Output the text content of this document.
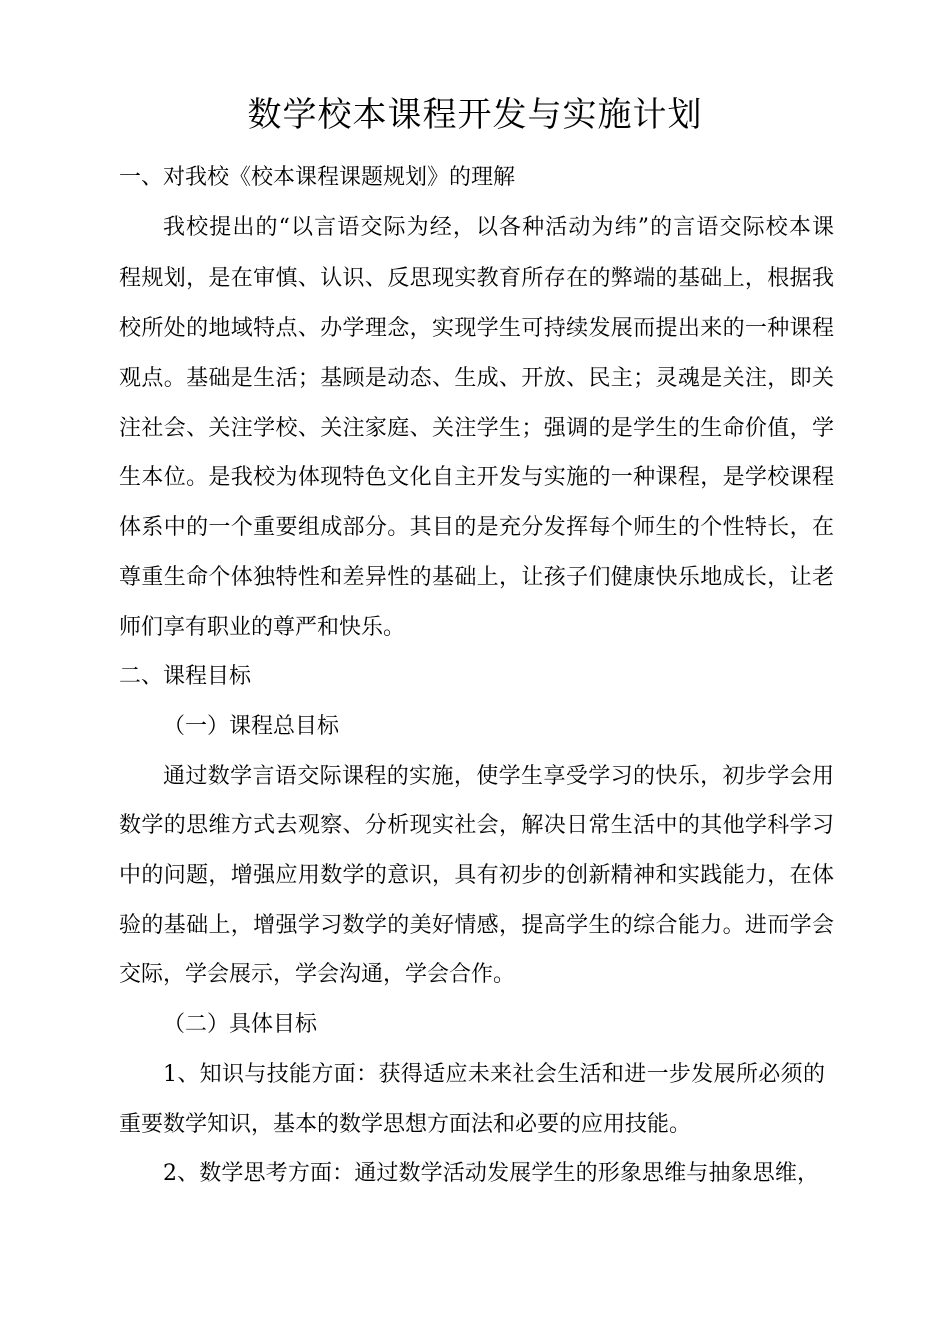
数学校本课程开发与实施计划
一、对我校《校本课程课题规划》的理解
我校提出的“以言语交际为经，以各种活动为纬”的言语交际校本课
程规划，是在审慎、认识、反思现实教育所存在的弊端的基础上，根据我
校所处的地域特点、办学理念，实现学生可持续发展而提出来的一种课程
观点。基础是生活；基顾是动态、生成、开放、民主；灵魂是关注，即关
注社会、关注学校、关注家庭、关注学生；强调的是学生的生命价值，学
生本位。是我校为体现特色文化自主开发与实施的一种课程，是学校课程
体系中的一个重要组成部分。其目的是充分发挥每个师生的个性特长，在
尊重生命个体独特性和差异性的基础上，让孩子们健康快乐地成长，让老
师们享有职业的尊严和快乐。
二、课程目标
（一）课程总目标
通过数学言语交际课程的实施，使学生享受学习的快乐，初步学会用
数学的思维方式去观察、分析现实社会，解决日常生活中的其他学科学习
中的问题，增强应用数学的意识，具有初步的创新精神和实践能力，在体
验的基础上，增强学习数学的美好情感，提高学生的综合能力。进而学会
交际，学会展示，学会沟通，学会合作。
（二）具体目标
1、知识与技能方面：获得适应未来社会生活和进一步发展所必须的
重要数学知识，基本的数学思想方面法和必要的应用技能。
2、数学思考方面：通过数学活动发展学生的形象思维与抽象思维，
